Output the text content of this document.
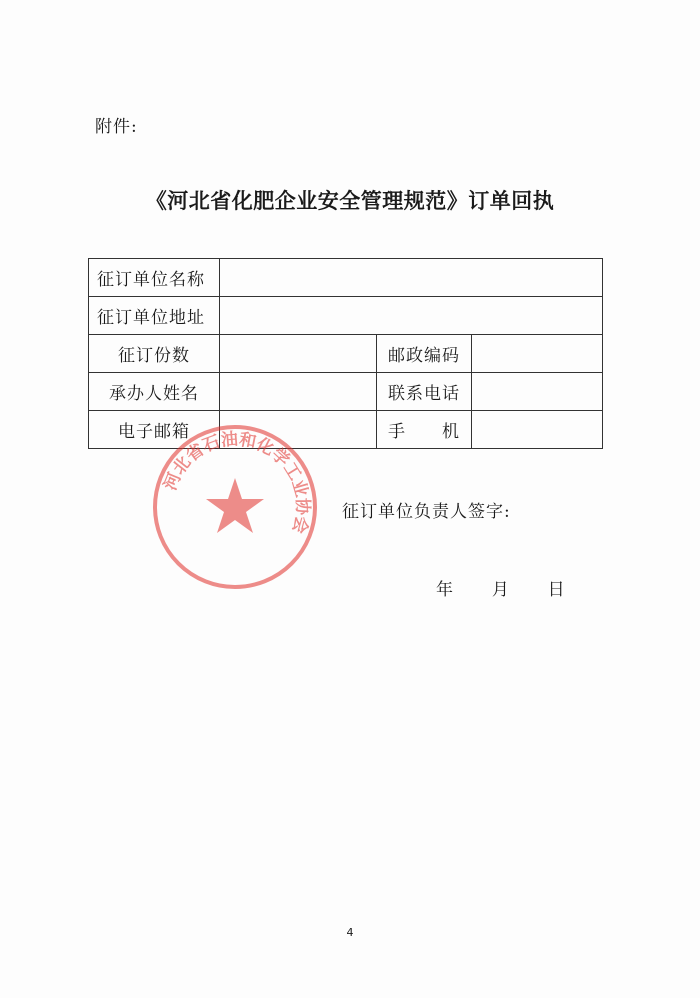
附件:
《河北省化肥企业安全管理规范》订单回执
征订单位名称			
征订单位地址			
征订份数		邮政编码	
承办人姓名		联系电话	
电子邮箱		手　　机	
河北省石油和化学工业协会
征订单位负责人签字:
年 月 日
4
